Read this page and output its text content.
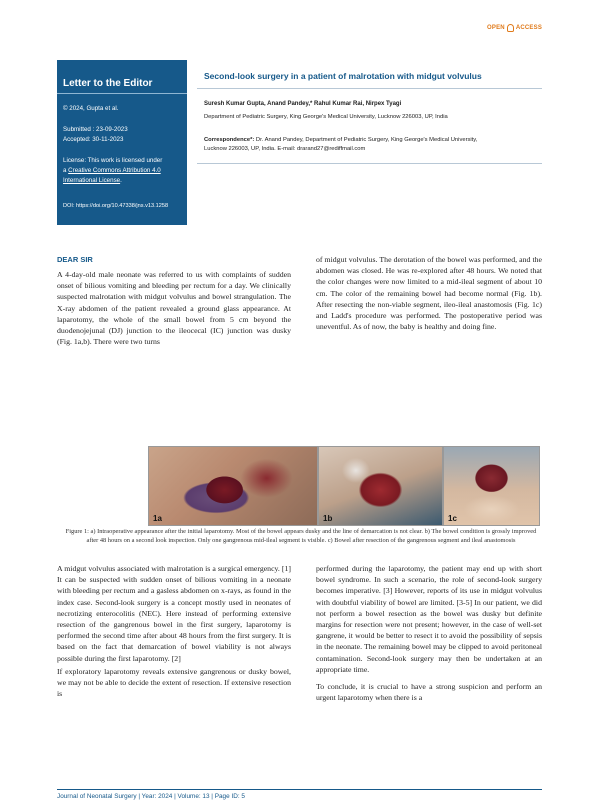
OPEN ACCESS
Letter to the Editor
© 2024, Gupta et al.
Submitted : 23-09-2023
Accepted: 30-11-2023
License: This work is licensed under
a Creative Commons Attribution 4.0
International License.
DOI: https://doi.org/10.47338/jns.v13.1258
Second-look surgery in a patient of malrotation with midgut volvulus
Suresh Kumar Gupta, Anand Pandey,* Rahul Kumar Rai, Nirpex Tyagi
Department of Pediatric Surgery, King George's Medical University, Lucknow 226003, UP, India
Correspondence*: Dr. Anand Pandey, Department of Pediatric Surgery, King George's Medical University,
Lucknow 226003, UP, India. E-mail: drarand27@rediffmail.com
DEAR SIR

A 4-day-old male neonate was referred to us with complaints of sudden onset of bilious vomiting and bleeding per rectum for a day. We clinically suspected malrotation with midgut volvulus and bowel strangulation. The X-ray abdomen of the patient revealed a ground glass appearance. At laparotomy, the whole of the small bowel from 5 cm beyond the duodenojejunal (DJ) junction to the ileocecal (IC) junction was dusky (Fig. 1a,b). There were two turns

of midgut volvulus. The derotation of the bowel was performed, and the abdomen was closed. He was re-explored after 48 hours. We noted that the color changes were now limited to a mid-ileal segment of about 10 cm. The color of the remaining bowel had become normal (Fig. 1b). After resecting the non-viable segment, ileo-ileal anastomosis (Fig. 1c) and Ladd's procedure was performed. The postoperative period was uneventful. As of now, the baby is healthy and doing fine.

1a	1b	1c
Figure 1: a) Intraoperative appearance after the initial laparotomy. Most of the bowel appears dusky and the line of demarcation is not clear. b) The bowel condition is grossly improved after 48 hours on a second look inspection. Only one gangrenous mid-ileal segment is visible. c) Bowel after resection of the gangrenous segment and ileal anastomosis

A midgut volvulus associated with malrotation is a surgical emergency. [1] It can be suspected with sudden onset of bilious vomiting in a neonate with bleeding per rectum and a gasless abdomen on x-rays, as found in the index case. Second-look surgery is a concept mostly used in neonates of necrotizing enterocolitis (NEC). Here instead of performing extensive resection of the gangrenous bowel in the first surgery, laparotomy is performed the second time after about 48 hours from the first surgery. It is based on the fact that demarcation of bowel viability is not always possible during the first laparotomy. [2]

If exploratory laparotomy reveals extensive gangrenous or dusky bowel, we may not be able to decide the extent of resection. If extensive resection is

performed during the laparotomy, the patient may end up with short bowel syndrome. In such a scenario, the role of second-look surgery becomes imperative. [3] However, reports of its use in midgut volvulus with doubtful viability of bowel are limited. [3-5] In our patient, we did not perform a bowel resection as the bowel was dusky but definite margins for resection were not present; however, in the case of well-set gangrene, it would be better to resect it to avoid the possibility of sepsis in the neonate. The remaining bowel may be clipped to avoid peritoneal contamination. Second-look surgery may then be undertaken at an appropriate time.

To conclude, it is crucial to have a strong suspicion and perform an urgent laparotomy when there is a

Journal of Neonatal Surgery | Year: 2024 | Volume: 13 | Page ID: 5
